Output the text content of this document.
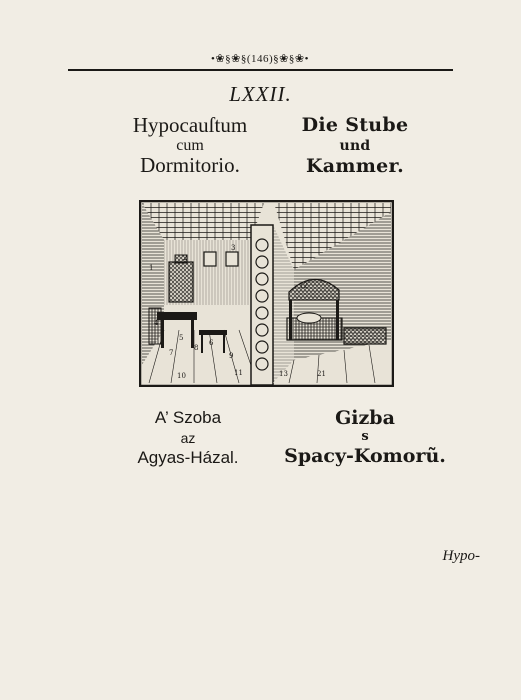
•❀§❀§(146)§❀§❀•
LXXII.
Hypocauſtum
cum
Dormitorio.
Die Stube
und
Kammer.
1
2
3
4
5
6
7
8
9
10	11
12
13	21
A’ Szoba
az
Agyas-Házal.
Gizba
s
Spacy-Komorũ.
Hypo-
